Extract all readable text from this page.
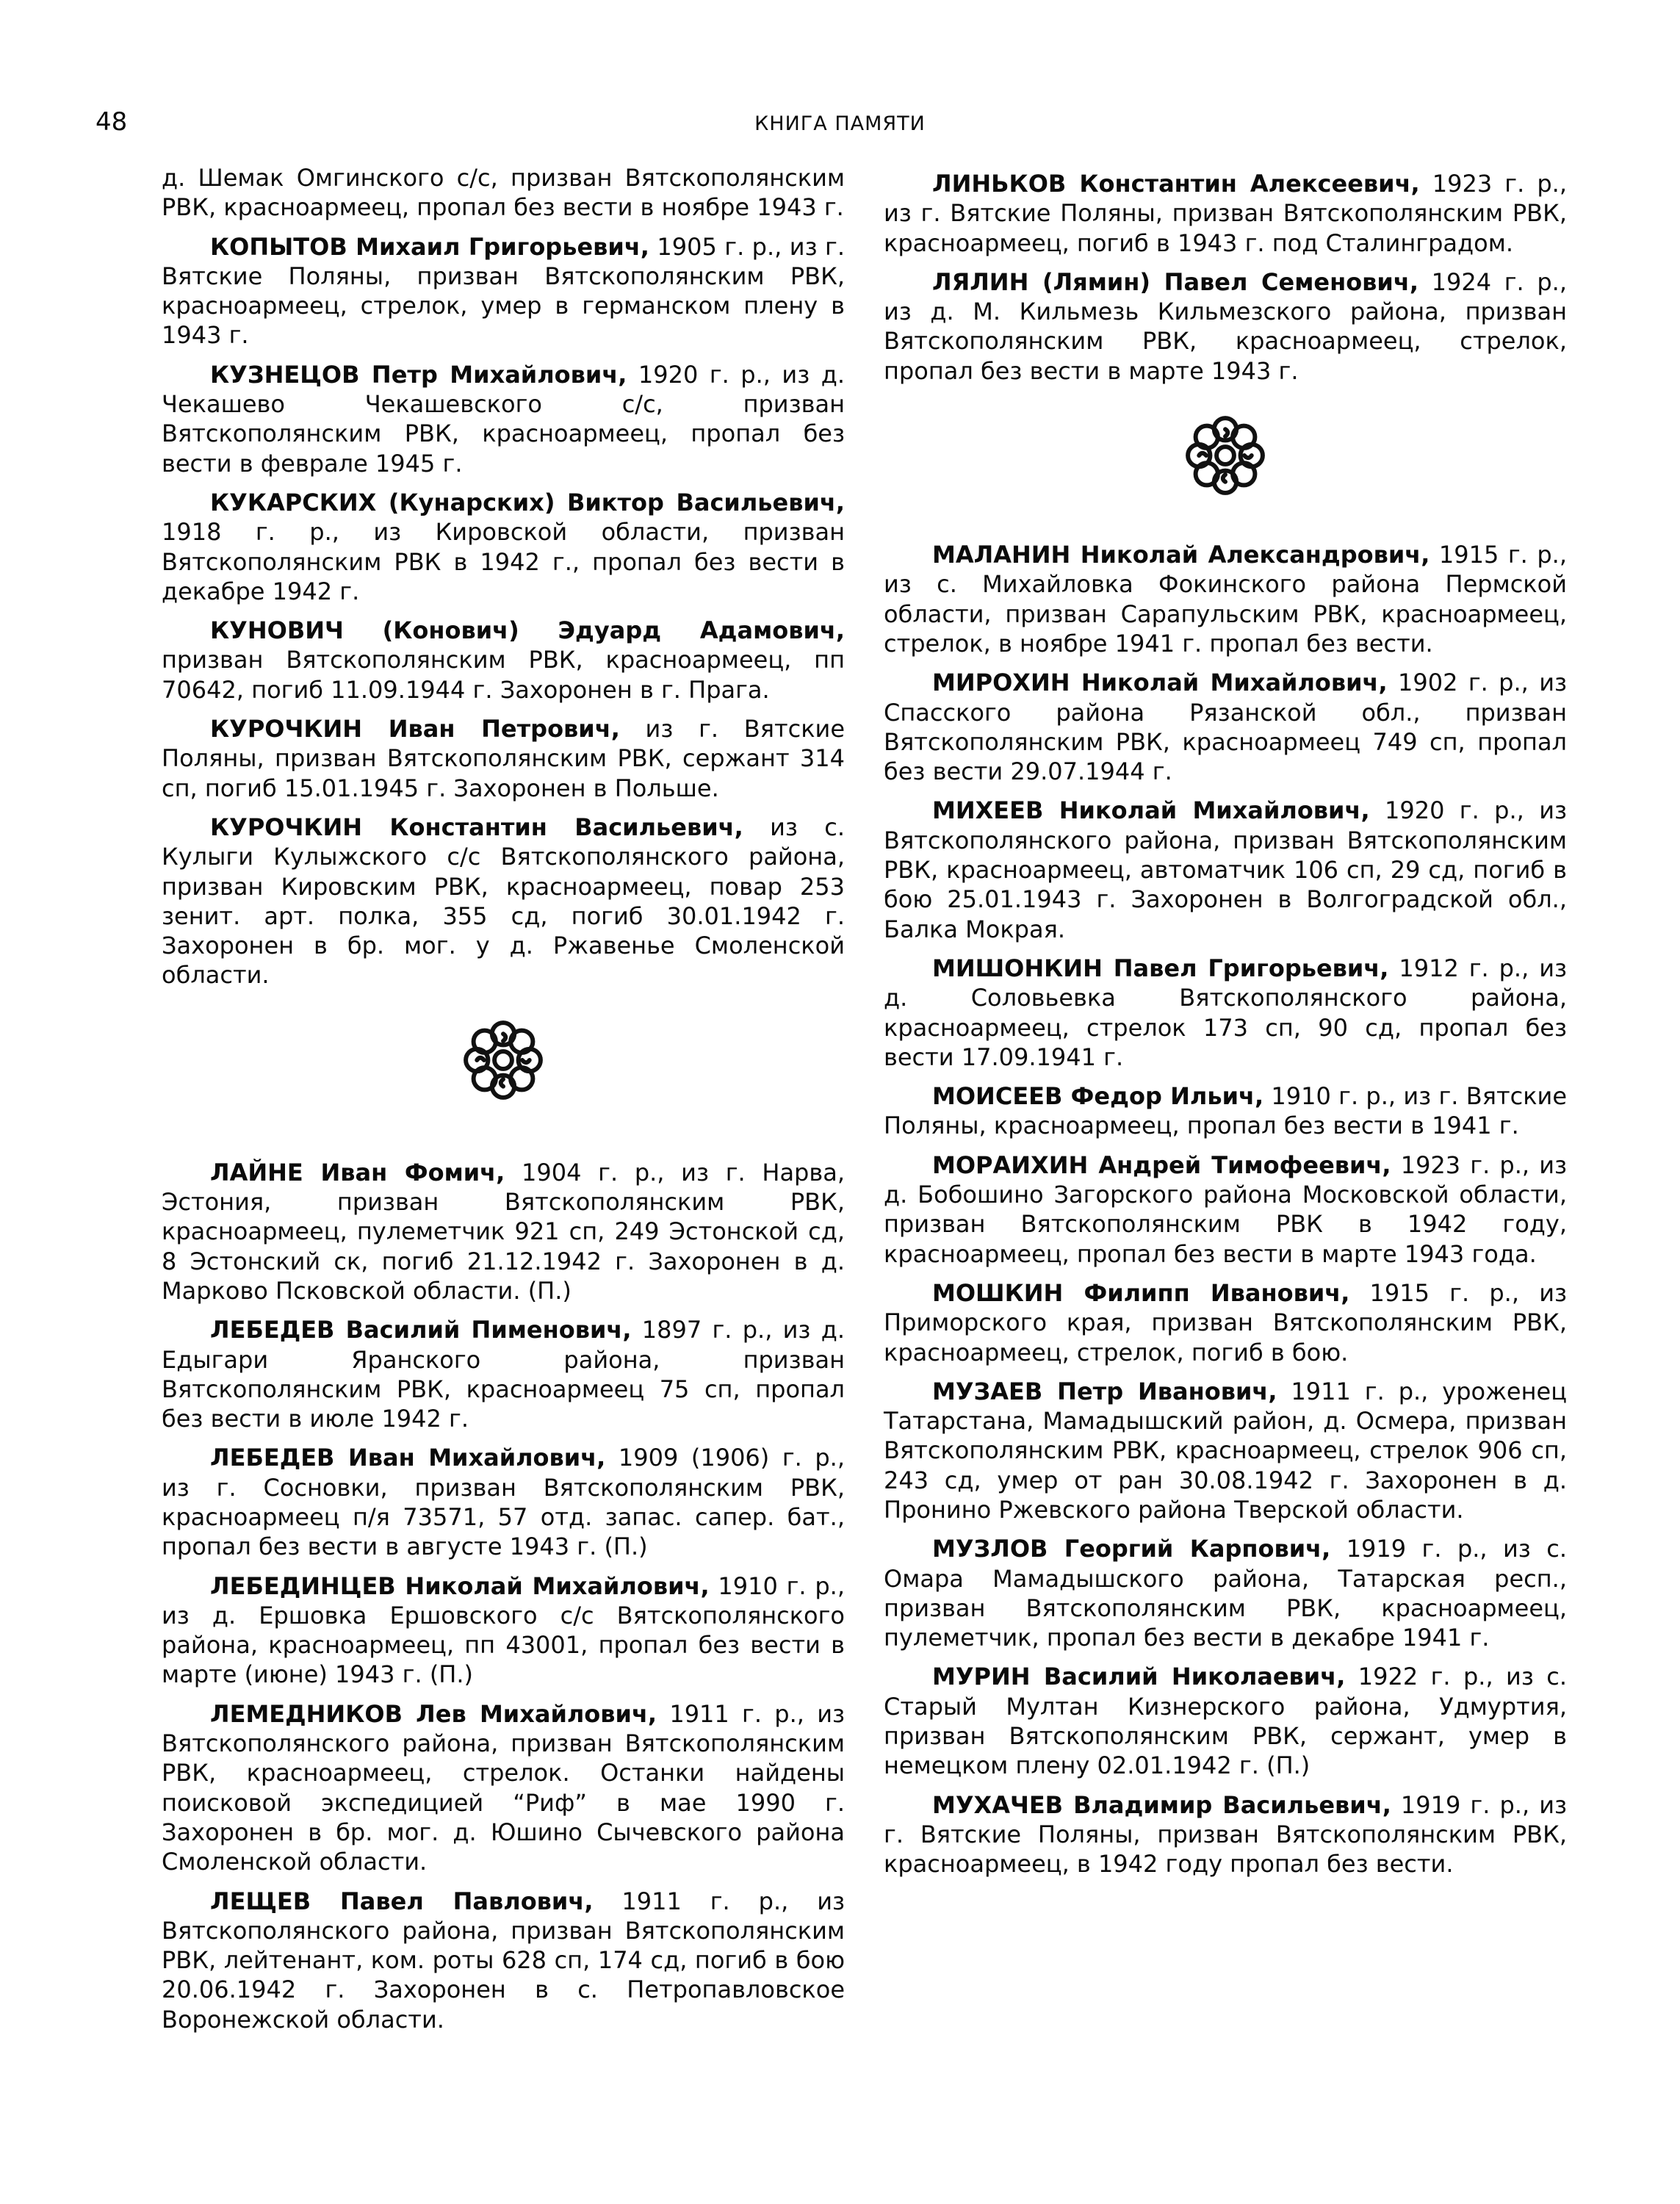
48	КНИГА ПАМЯТИ

д. Шемак Омгинского с/с, призван Вятскополянским РВК, красноармеец, пропал без вести в ноябре 1943 г.

КОПЫТОВ Михаил Григорьевич, 1905 г. р., из г. Вятские Поляны, призван Вятскополянским РВК, красноармеец, стрелок, умер в германском плену в 1943 г.

КУЗНЕЦОВ Петр Михайлович, 1920 г. р., из д. Чекашево Чекашевского с/с, призван Вятскополянским РВК, красноармеец, пропал без вести в феврале 1945 г.

КУКАРСКИХ (Кунарских) Виктор Васильевич, 1918 г. р., из Кировской области, призван Вятскополянским РВК в 1942 г., пропал без вести в декабре 1942 г.

КУНОВИЧ (Конович) Эдуард Адамович, призван Вятскополянским РВК, красноармеец, пп 70642, погиб 11.09.1944 г. Захоронен в г. Прага.

КУРОЧКИН Иван Петрович, из г. Вятские Поляны, призван Вятскополянским РВК, сержант 314 сп, погиб 15.01.1945 г. Захоронен в Польше.

КУРОЧКИН Константин Васильевич, из с. Кулыги Кулыжского с/с Вятскополянского района, призван Кировским РВК, красноармеец, повар 253 зенит. арт. полка, 355 сд, погиб 30.01.1942 г. Захоронен в бр. мог. у д. Ржавенье Смоленской области.

ЛАЙНЕ Иван Фомич, 1904 г. р., из г. Нарва, Эстония, призван Вятскополянским РВК, красноармеец, пулеметчик 921 сп, 249 Эстонской сд, 8 Эстонский ск, погиб 21.12.1942 г. Захоронен в д. Марково Псковской области. (П.)

ЛЕБЕДЕВ Василий Пименович, 1897 г. р., из д. Едыгари Яранского района, призван Вятскополянским РВК, красноармеец 75 сп, пропал без вести в июле 1942 г.

ЛЕБЕДЕВ Иван Михайлович, 1909 (1906) г. р., из г. Сосновки, призван Вятскополянским РВК, красноармеец п/я 73571, 57 отд. запас. сапер. бат., пропал без вести в августе 1943 г. (П.)

ЛЕБЕДИНЦЕВ Николай Михайлович, 1910 г. р., из д. Ершовка Ершовского с/с Вятскополянского района, красноармеец, пп 43001, пропал без вести в марте (июне) 1943 г. (П.)

ЛЕМЕДНИКОВ Лев Михайлович, 1911 г. р., из Вятскополянского района, призван Вятскополянским РВК, красноармеец, стрелок. Останки найдены поисковой экспедицией “Риф” в мае 1990 г. Захоронен в бр. мог. д. Юшино Сычевского района Смоленской области.

ЛЕЩЕВ Павел Павлович, 1911 г. р., из Вятскополянского района, призван Вятскополянским РВК, лейтенант, ком. роты 628 сп, 174 сд, погиб в бою 20.06.1942 г. Захоронен в с. Петропавловское Воронежской области.

ЛИНЬКОВ Константин Алексеевич, 1923 г. р., из г. Вятские Поляны, призван Вятскополянским РВК, красноармеец, погиб в 1943 г. под Сталинградом.

ЛЯЛИН (Лямин) Павел Семенович, 1924 г. р., из д. М. Кильмезь Кильмезского района, призван Вятскополянским РВК, красноармеец, стрелок, пропал без вести в марте 1943 г.

МАЛАНИН Николай Александрович, 1915 г. р., из с. Михайловка Фокинского района Пермской области, призван Сарапульским РВК, красноармеец, стрелок, в ноябре 1941 г. пропал без вести.

МИРОХИН Николай Михайлович, 1902 г. р., из Спасского района Рязанской обл., призван Вятскополянским РВК, красноармеец 749 сп, пропал без вести 29.07.1944 г.

МИХЕЕВ Николай Михайлович, 1920 г. р., из Вятскополянского района, призван Вятскополянским РВК, красноармеец, автоматчик 106 сп, 29 сд, погиб в бою 25.01.1943 г. Захоронен в Волгоградской обл., Балка Мокрая.

МИШОНКИН Павел Григорьевич, 1912 г. р., из д. Соловьевка Вятскополянского района, красноармеец, стрелок 173 сп, 90 сд, пропал без вести 17.09.1941 г.

МОИСЕЕВ Федор Ильич, 1910 г. р., из г. Вятские Поляны, красноармеец, пропал без вести в 1941 г.

МОРАИХИН Андрей Тимофеевич, 1923 г. р., из д. Бобошино Загорского района Московской области, призван Вятскополянским РВК в 1942 году, красноармеец, пропал без вести в марте 1943 года.

МОШКИН Филипп Иванович, 1915 г. р., из Приморского края, призван Вятскополянским РВК, красноармеец, стрелок, погиб в бою.

МУЗАЕВ Петр Иванович, 1911 г. р., уроженец Татарстана, Мамадышский район, д. Осмера, призван Вятскополянским РВК, красноармеец, стрелок 906 сп, 243 сд, умер от ран 30.08.1942 г. Захоронен в д. Пронино Ржевского района Тверской области.

МУЗЛОВ Георгий Карпович, 1919 г. р., из с. Омара Мамадышского района, Татарская респ., призван Вятскополянским РВК, красноармеец, пулеметчик, пропал без вести в декабре 1941 г.

МУРИН Василий Николаевич, 1922 г. р., из с. Старый Мултан Кизнерского района, Удмуртия, призван Вятскополянским РВК, сержант, умер в немецком плену 02.01.1942 г. (П.)

МУХАЧЕВ Владимир Васильевич, 1919 г. р., из г. Вятские Поляны, призван Вятскополянским РВК, красноармеец, в 1942 году пропал без вести.
